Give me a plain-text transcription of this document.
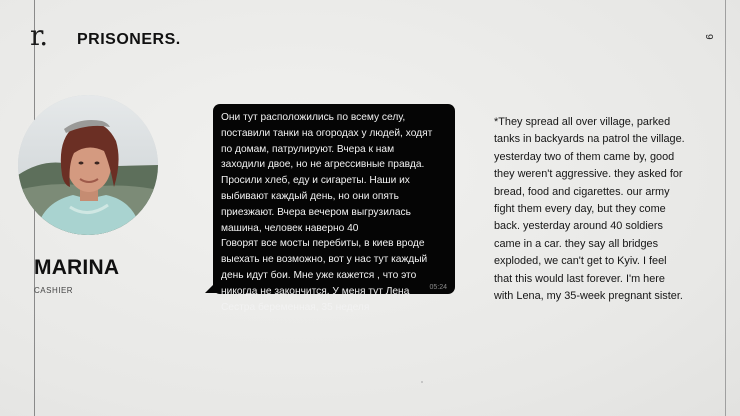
r. PRISONERS.	9
MARINA
CASHIER
Они тут расположились по всему селу,
поставили танки на огородах у людей, ходят
по домам, патрулируют. Вчера к нам
заходили двое, но не агрессивные правда.
Просили хлеб, еду и сигареты. Наши их
выбивают каждый день, но они опять
приезжают. Вчера вечером выгрузилась
машина, человек наверно 40
Говорят все мосты перебиты, в киев вроде
выехать не возможно, вот у нас тут каждый
день идут бои. Мне уже кажется , что это
никогда не закончится. У меня тут Лена
Сестра беременная, 35 неделя
05:24
*They spread all over village, parked
tanks in backyards na patrol the village.
yesterday two of them came by, good
they weren't aggressive. they asked for
bread, food and cigarettes. our army
fight them every day, but they come
back. yesterday around 40 soldiers
came in a car. they say all bridges
exploded, we can't get to Kyiv. I feel
that this would last forever. I'm here
with Lena, my 35-week pregnant sister.
